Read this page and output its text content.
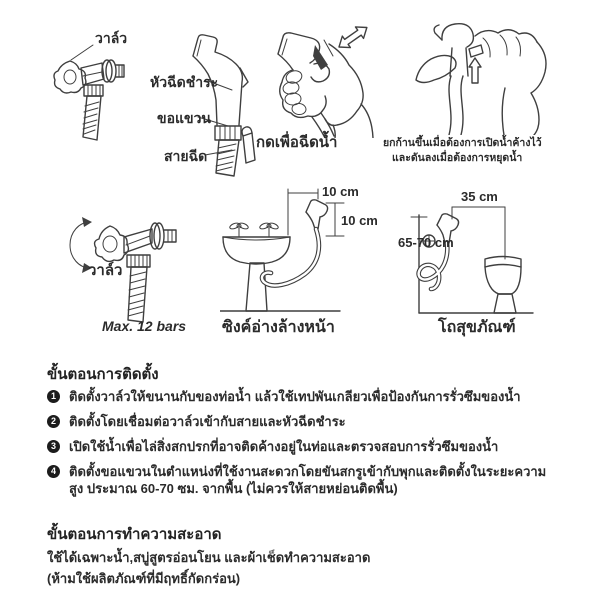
วาล์ว
หัวฉีดชำระ
ขอแขวน
สายฉีด
กดเพื่อฉีดน้ำ	ยกก้านขึ้นเมื่อต้องการเปิดน้ำค้างไว้
และดันลงเมื่อต้องการหยุดน้ำ
วาล์ว
Max. 12 bars
10 cm
10 cm
ซิงค์อ่างล้างหน้า
35 cm
65-70 cm
โถสุขภัณฑ์
ขั้นตอนการติดตั้ง
1	ติดตั้งวาล์วให้ขนานกับของท่อน้ำ แล้วใช้เทปพันเกลียวเพื่อป้องกันการรั่วซึมของน้ำ
2	ติดตั้งโดยเชื่อมต่อวาล์วเข้ากับสายและหัวฉีดชำระ
3	เปิดใช้น้ำเพื่อไล่สิ่งสกปรกที่อาจติดค้างอยู่ในท่อและตรวจสอบการรั่วซึมของน้ำ
4	ติดตั้งขอแขวนในตำแหน่งที่ใช้งานสะดวกโดยขันสกรูเข้ากับพุกและติดตั้งในระยะความสูง ประมาณ 60-70 ซม. จากพื้น (ไม่ควรให้สายหย่อนติดพื้น)
ขั้นตอนการทำความสะอาด
ใช้ได้เฉพาะน้ำ,สบู่สูตรอ่อนโยน และผ้าเช็ดทำความสะอาด
(ห้ามใช้ผลิตภัณฑ์ที่มีฤทธิ์กัดกร่อน)
